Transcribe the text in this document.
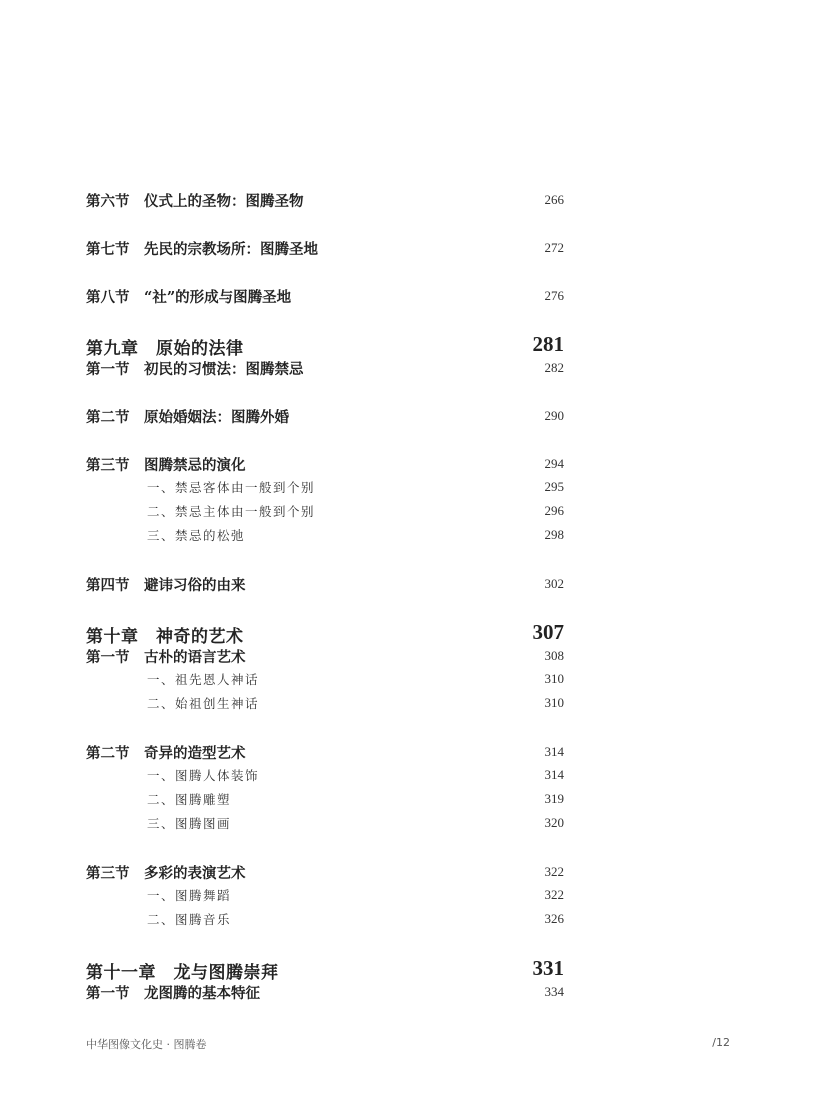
第六节　仪式上的圣物：图腾圣物	266
第七节　先民的宗教场所：图腾圣地	272
第八节　“社”的形成与图腾圣地	276
第九章　原始的法律	281
第一节　初民的习惯法：图腾禁忌	282
第二节　原始婚姻法：图腾外婚	290
第三节　图腾禁忌的演化	294
一、禁忌客体由一般到个别	295
二、禁忌主体由一般到个别	296
三、禁忌的松弛	298
第四节　避讳习俗的由来	302
第十章　神奇的艺术	307
第一节　古朴的语言艺术	308
一、祖先恩人神话	310
二、始祖创生神话	310
第二节　奇异的造型艺术	314
一、图腾人体装饰	314
二、图腾雕塑	319
三、图腾图画	320
第三节　多彩的表演艺术	322
一、图腾舞蹈	322
二、图腾音乐	326
第十一章　龙与图腾崇拜	331
第一节　龙图腾的基本特征	334
中华图像文化史 · 图腾卷	/12
